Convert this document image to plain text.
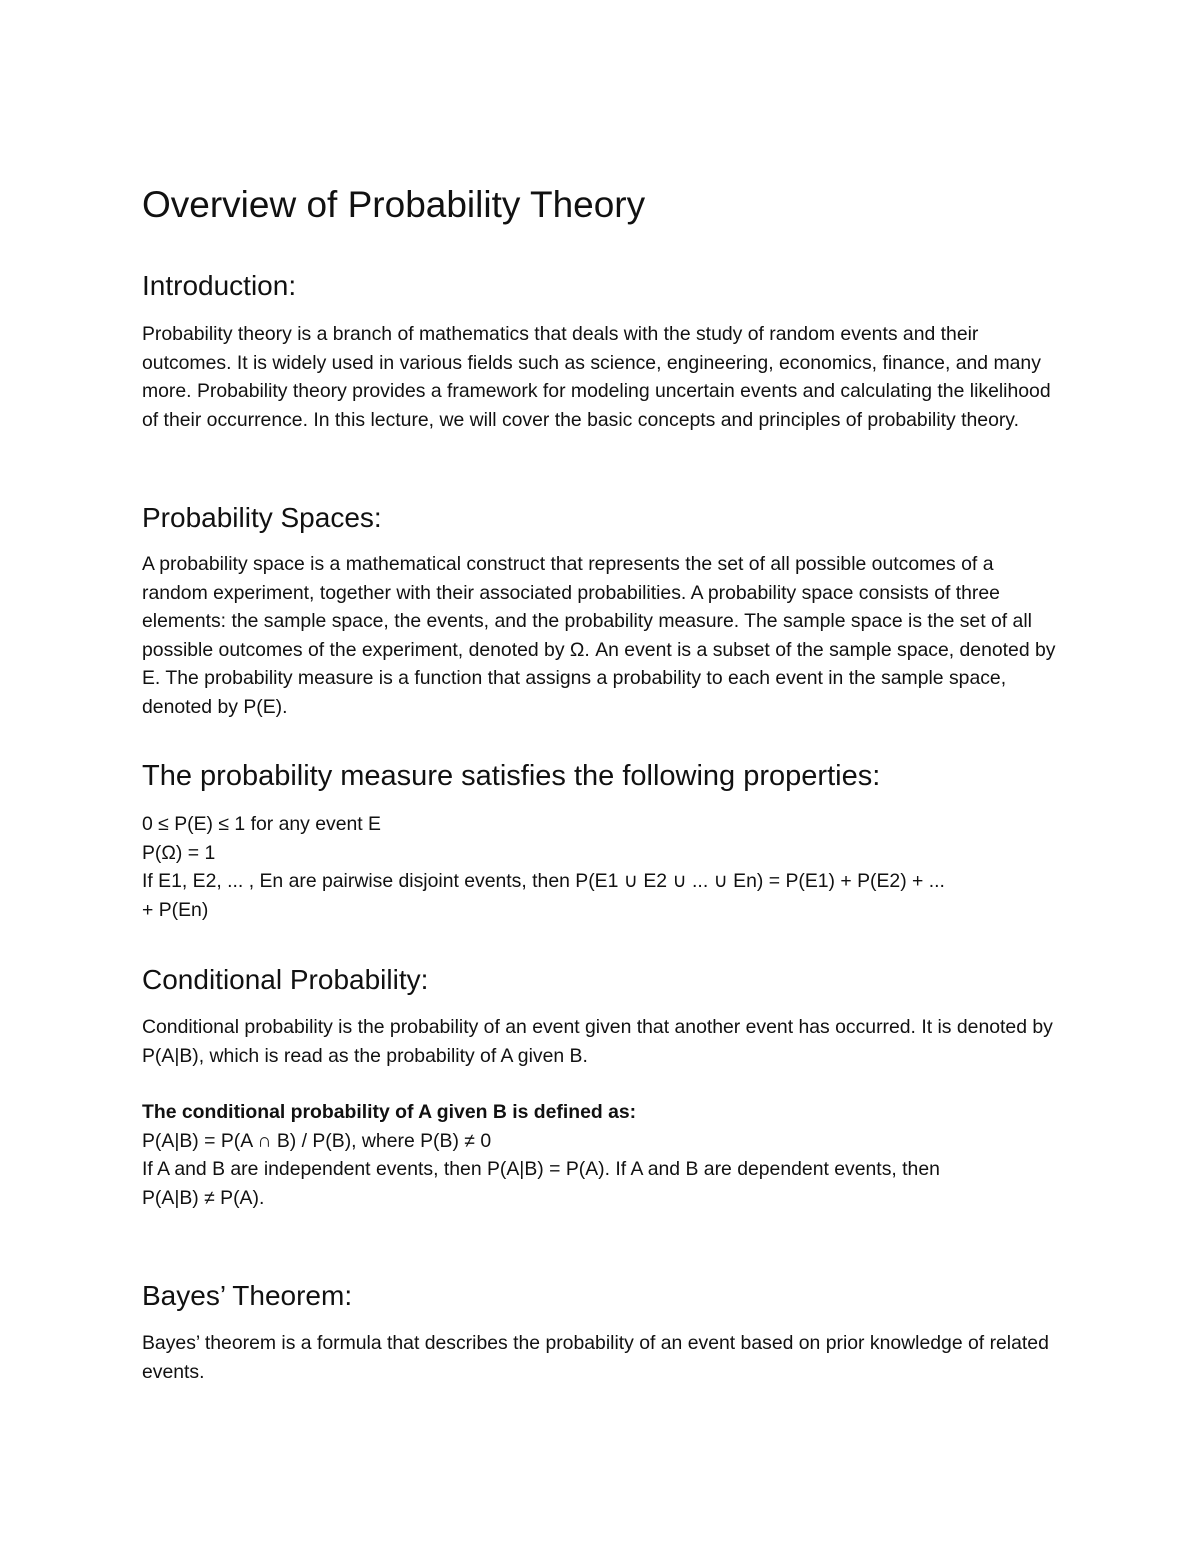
Overview of Probability Theory
Introduction:

Probability theory is a branch of mathematics that deals with the study of random events and their outcomes. It is widely used in various fields such as science, engineering, economics, finance, and many more. Probability theory provides a framework for modeling uncertain events and calculating the likelihood of their occurrence. In this lecture, we will cover the basic concepts and principles of probability theory.

Probability Spaces:

A probability space is a mathematical construct that represents the set of all possible outcomes of a random experiment, together with their associated probabilities. A probability space consists of three elements: the sample space, the events, and the probability measure. The sample space is the set of all possible outcomes of the experiment, denoted by Ω. An event is a subset of the sample space, denoted by E. The probability measure is a function that assigns a probability to each event in the sample space, denoted by P(E).

The probability measure satisfies the following properties:
0 ≤ P(E) ≤ 1 for any event E
P(Ω) = 1
If E1, E2, ... , En are pairwise disjoint events, then P(E1 ∪ E2 ∪ ... ∪ En) = P(E1) + P(E2) + ...
+ P(En)
Conditional Probability:

Conditional probability is the probability of an event given that another event has occurred. It is denoted by P(A|B), which is read as the probability of A given B.

The conditional probability of A given B is defined as:
P(A|B) = P(A ∩ B) / P(B), where P(B) ≠ 0
If A and B are independent events, then P(A|B) = P(A). If A and B are dependent events, then
P(A|B) ≠ P(A).
Bayes’ Theorem:

Bayes’ theorem is a formula that describes the probability of an event based on prior knowledge of related events.
